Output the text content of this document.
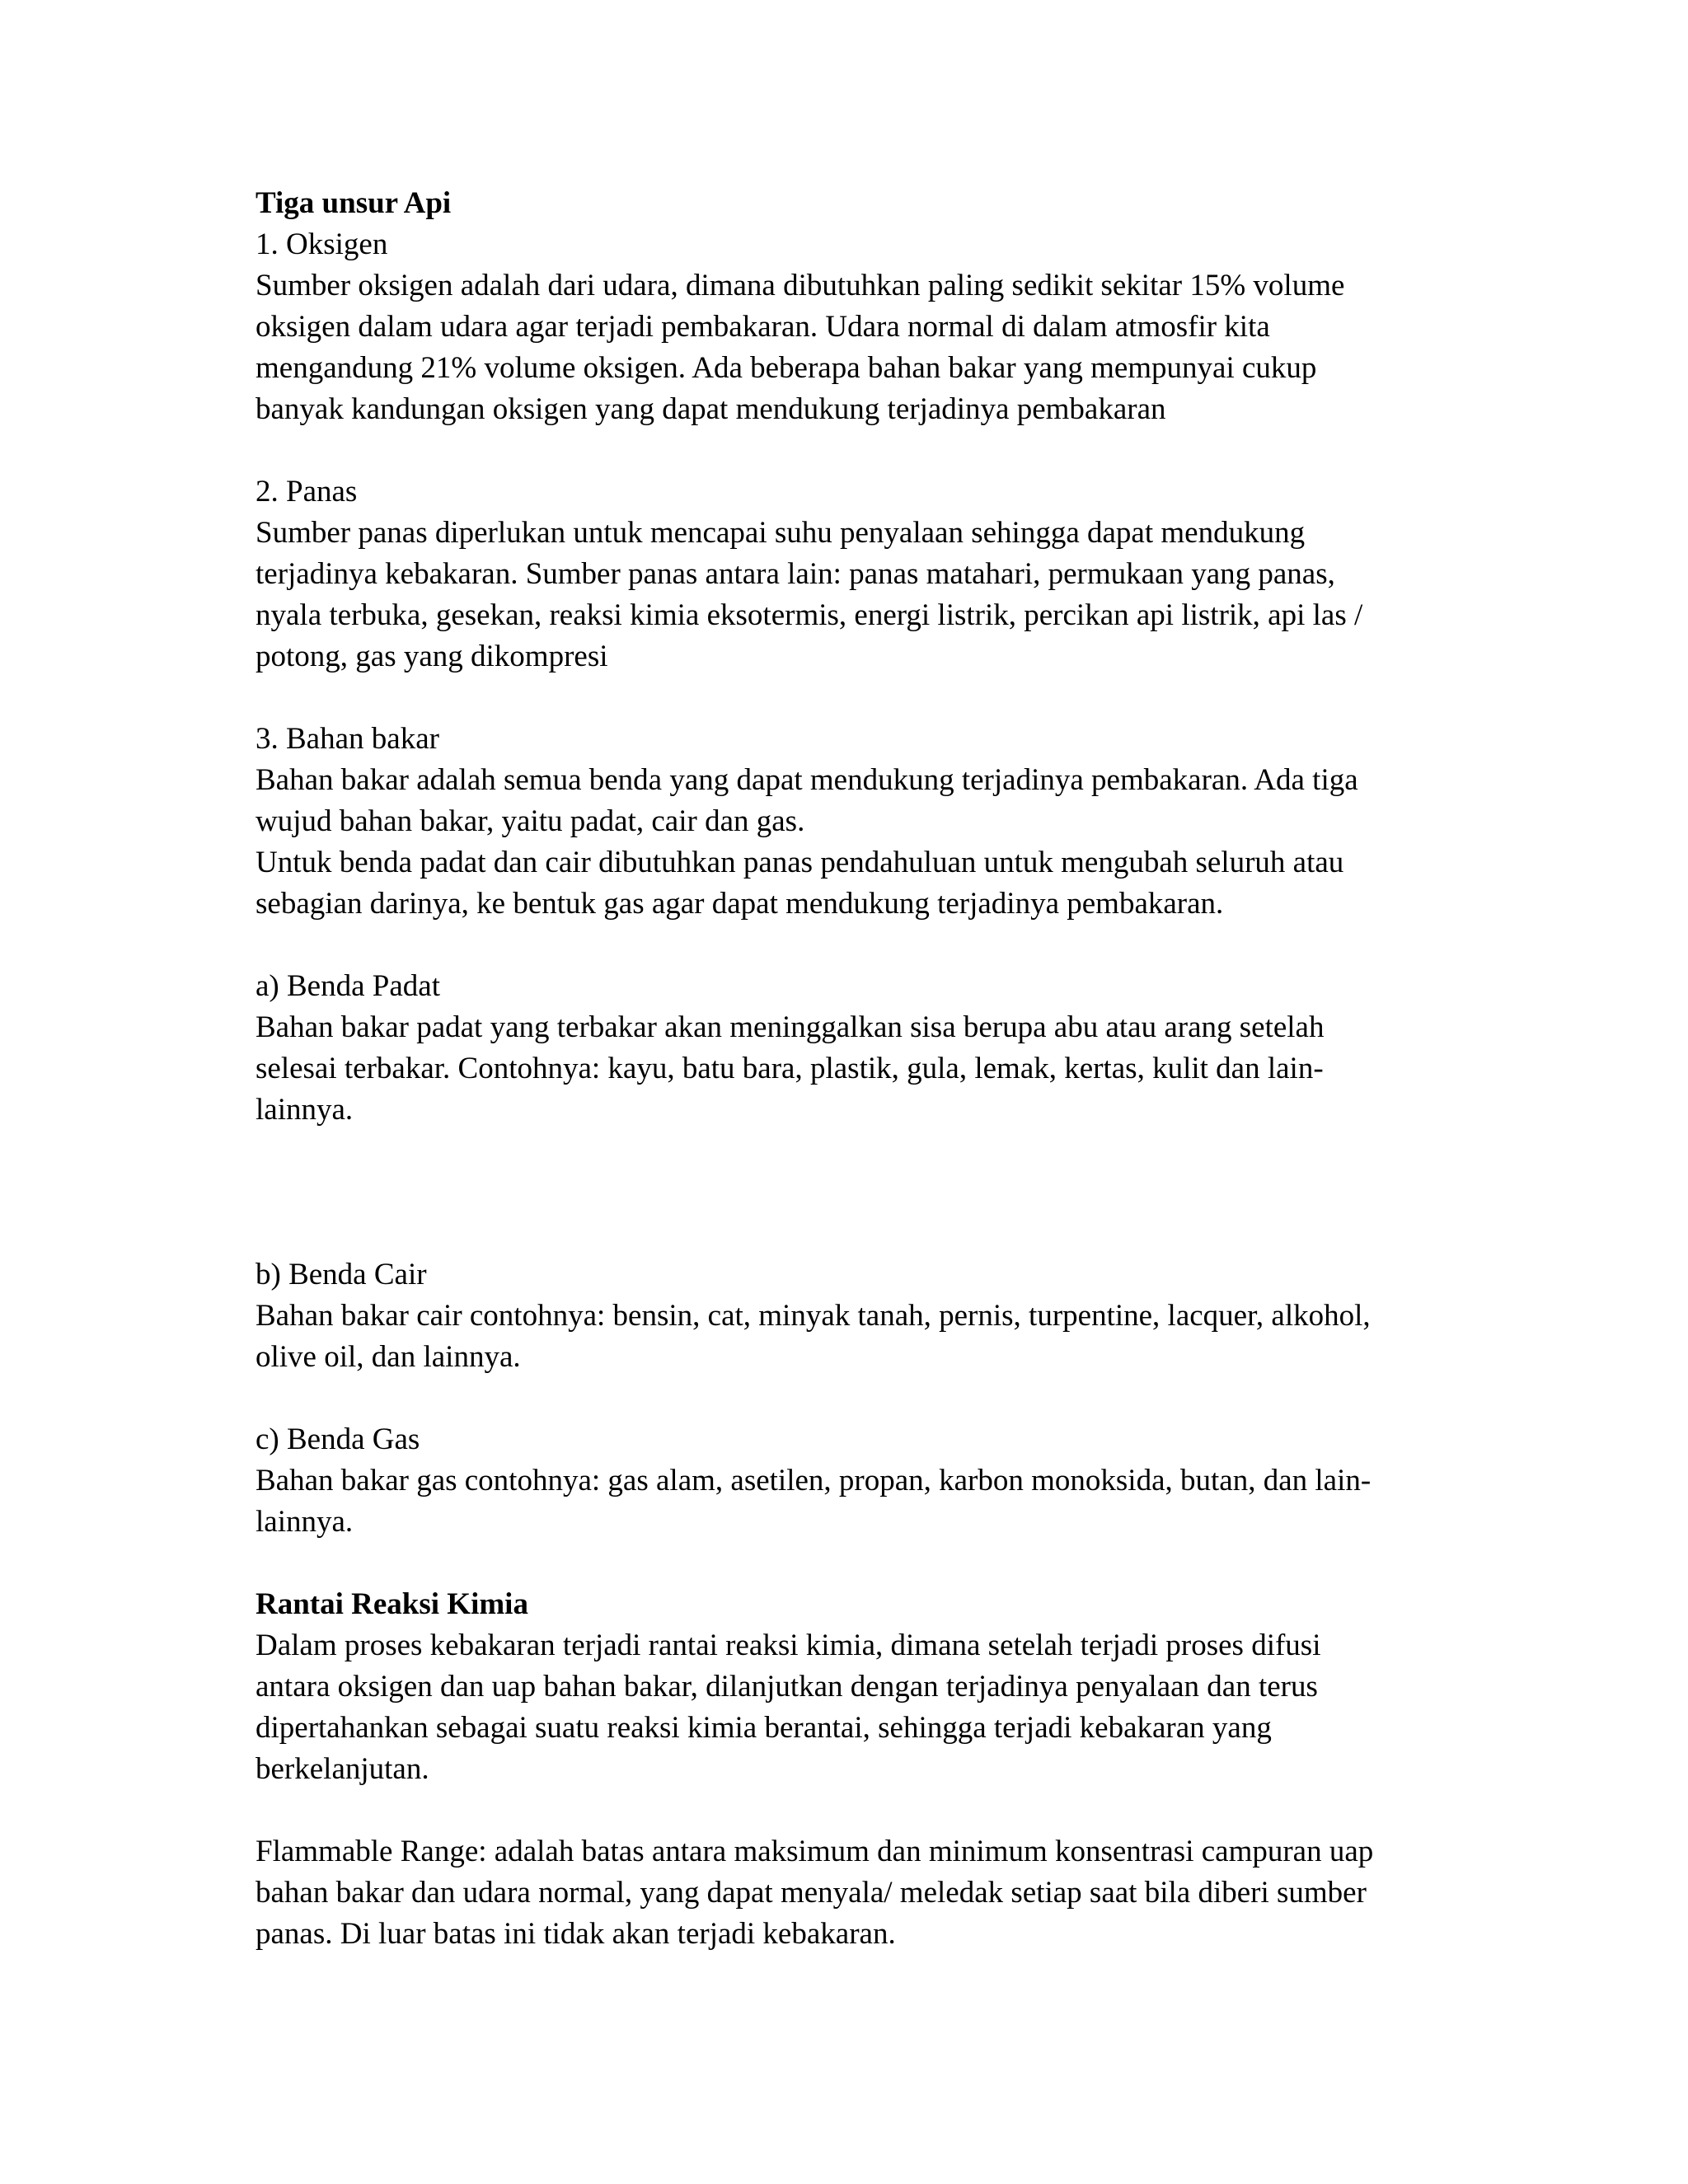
Tiga unsur Api

1. Oksigen

Sumber oksigen adalah dari udara, dimana dibutuhkan paling sedikit sekitar 15% volume

oksigen dalam udara agar terjadi pembakaran. Udara normal di dalam atmosfir kita

mengandung 21% volume oksigen. Ada beberapa bahan bakar yang mempunyai cukup

banyak kandungan oksigen yang dapat mendukung terjadinya pembakaran

2. Panas

Sumber panas diperlukan untuk mencapai suhu penyalaan sehingga dapat mendukung

terjadinya kebakaran. Sumber panas antara lain: panas matahari, permukaan yang panas,

nyala terbuka, gesekan, reaksi kimia eksotermis, energi listrik, percikan api listrik, api las /

potong, gas yang dikompresi

3. Bahan bakar

Bahan bakar adalah semua benda yang dapat mendukung terjadinya pembakaran. Ada tiga

wujud bahan bakar, yaitu padat, cair dan gas.

Untuk benda padat dan cair dibutuhkan panas pendahuluan untuk mengubah seluruh atau

sebagian darinya, ke bentuk gas agar dapat mendukung terjadinya pembakaran.

a) Benda Padat

Bahan bakar padat yang terbakar akan meninggalkan sisa berupa abu atau arang setelah

selesai terbakar. Contohnya: kayu, batu bara, plastik, gula, lemak, kertas, kulit dan lain-

lainnya.

b) Benda Cair

Bahan bakar cair contohnya: bensin, cat, minyak tanah, pernis, turpentine, lacquer, alkohol,

olive oil, dan lainnya.

c) Benda Gas

Bahan bakar gas contohnya: gas alam, asetilen, propan, karbon monoksida, butan, dan lain-

lainnya.

Rantai Reaksi Kimia

Dalam proses kebakaran terjadi rantai reaksi kimia, dimana setelah terjadi proses difusi

antara oksigen dan uap bahan bakar, dilanjutkan dengan terjadinya penyalaan dan terus

dipertahankan sebagai suatu reaksi kimia berantai, sehingga terjadi kebakaran yang

berkelanjutan.

Flammable Range: adalah batas antara maksimum dan minimum konsentrasi campuran uap

bahan bakar dan udara normal, yang dapat menyala/ meledak setiap saat bila diberi sumber

panas. Di luar batas ini tidak akan terjadi kebakaran.
